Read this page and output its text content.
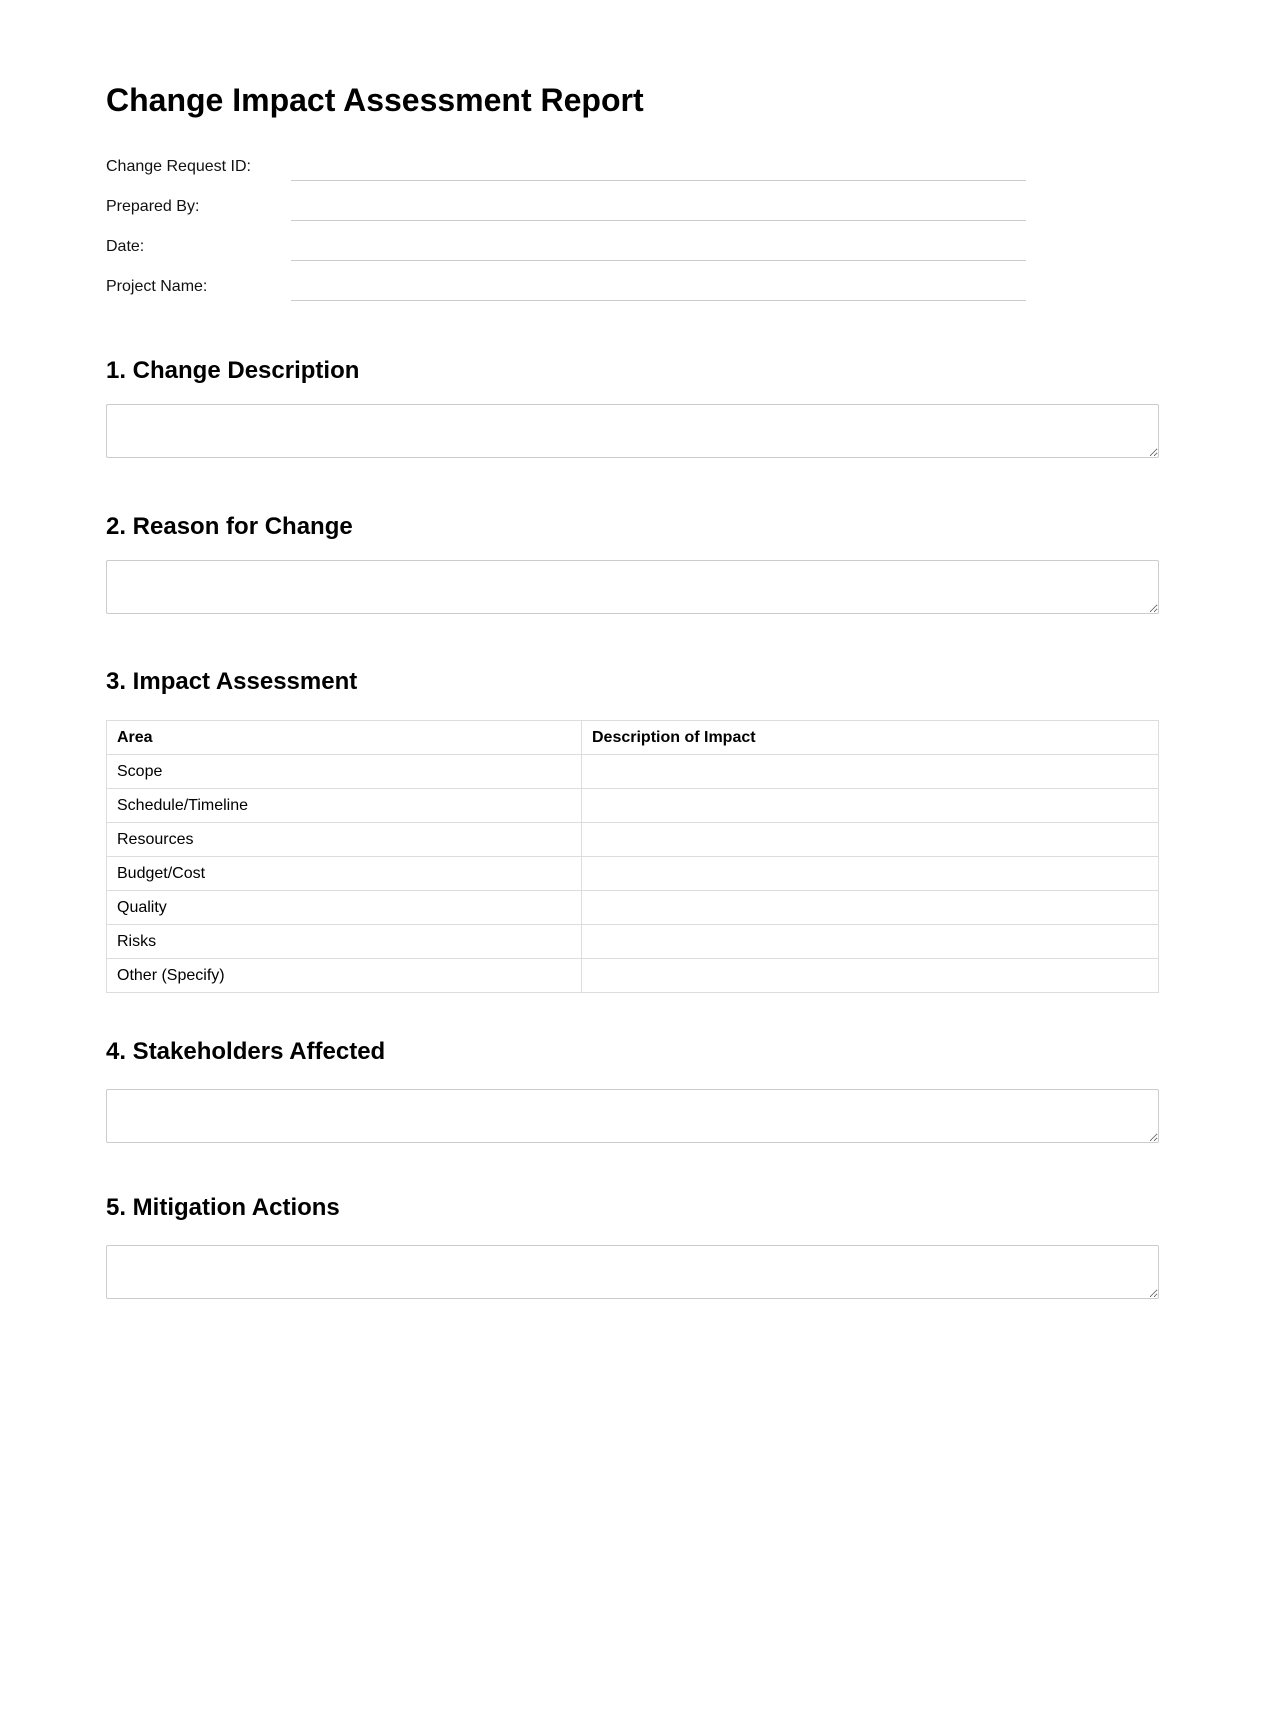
Change Impact Assessment Report
Change Request ID:
Prepared By:
Date:
Project Name:
1. Change Description
2. Reason for Change
3. Impact Assessment
Area	Description of Impact
Scope	
Schedule/Timeline	
Resources	
Budget/Cost	
Quality	
Risks	
Other (Specify)	
4. Stakeholders Affected
5. Mitigation Actions
